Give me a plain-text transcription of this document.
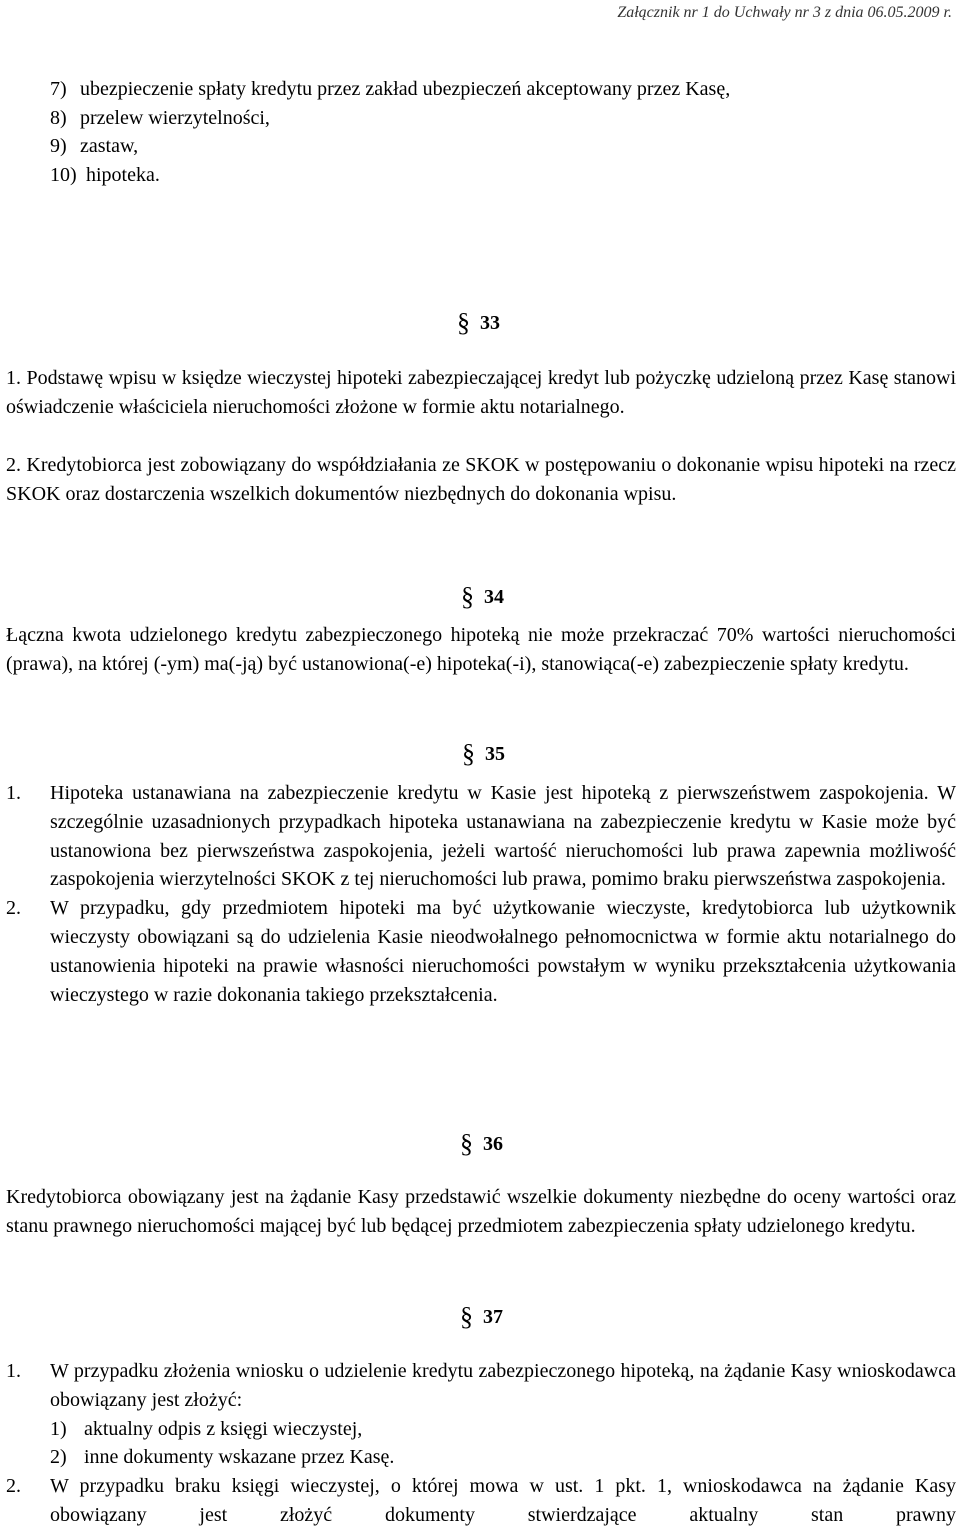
Załącznik nr 1 do Uchwały nr 3 z dnia 06.05.2009 r.
7) ubezpieczenie spłaty kredytu przez zakład ubezpieczeń akceptowany przez Kasę,
8) przelew wierzytelności,
9) zastaw,
10) hipoteka.
§ 33
1. Podstawę wpisu w księdze wieczystej hipoteki zabezpieczającej kredyt lub pożyczkę udzieloną przez Kasę stanowi oświadczenie właściciela nieruchomości złożone w formie aktu notarialnego.
2. Kredytobiorca jest zobowiązany do współdziałania ze SKOK w postępowaniu o dokonanie wpisu hipoteki na rzecz SKOK oraz dostarczenia wszelkich dokumentów niezbędnych do dokonania wpisu.
§ 34
Łączna kwota udzielonego kredytu zabezpieczonego hipoteką nie może przekraczać 70% wartości nieruchomości (prawa), na której (-ym) ma(-ją) być ustanowiona(-e) hipoteka(-i), stanowiąca(-e) zabezpieczenie spłaty kredytu.
§ 35
1.	Hipoteka ustanawiana na zabezpieczenie kredytu w Kasie jest hipoteką z pierwszeństwem zaspokojenia. W szczególnie uzasadnionych przypadkach hipoteka ustanawiana na zabezpieczenie kredytu w Kasie może być ustanowiona bez pierwszeństwa zaspokojenia, jeżeli wartość nieruchomości lub prawa zapewnia możliwość zaspokojenia wierzytelności SKOK z tej nieruchomości lub prawa, pomimo braku pierwszeństwa zaspokojenia.
2.	W przypadku, gdy przedmiotem hipoteki ma być użytkowanie wieczyste, kredytobiorca lub użytkownik wieczysty obowiązani są do udzielenia Kasie nieodwołalnego pełnomocnictwa w formie aktu notarialnego do ustanowienia hipoteki na prawie własności nieruchomości powstałym w wyniku przekształcenia użytkowania wieczystego w razie dokonania takiego przekształcenia.
§ 36
Kredytobiorca obowiązany jest na żądanie Kasy przedstawić wszelkie dokumenty niezbędne do oceny wartości oraz stanu prawnego nieruchomości mającej być lub będącej przedmiotem zabezpieczenia spłaty udzielonego kredytu.
§ 37
1.	W przypadku złożenia wniosku o udzielenie kredytu zabezpieczonego hipoteką, na żądanie Kasy wnioskodawca obowiązany jest złożyć:
1) aktualny odpis z księgi wieczystej,
2) inne dokumenty wskazane przez Kasę.
2.	W przypadku braku księgi wieczystej, o której mowa w ust. 1 pkt. 1, wnioskodawca na żądanie Kasy obowiązany jest złożyć dokumenty stwierdzające aktualny stan prawny
